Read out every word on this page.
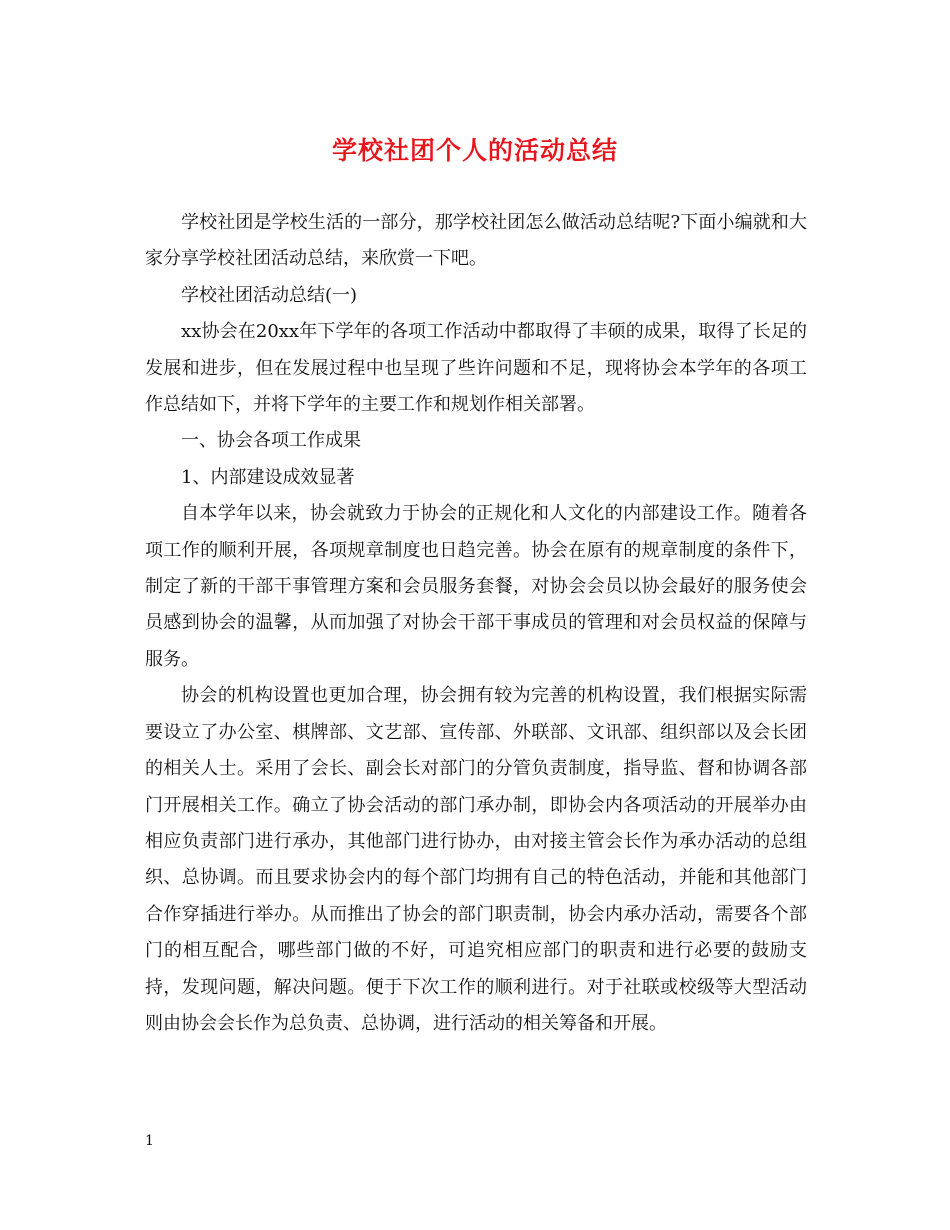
学校社团个人的活动总结

学校社团是学校生活的一部分，那学校社团怎么做活动总结呢?下面小编就和大家分享学校社团活动总结，来欣赏一下吧。

学校社团活动总结(一)

xx协会在20xx年下学年的各项工作活动中都取得了丰硕的成果，取得了长足的发展和进步，但在发展过程中也呈现了些许问题和不足，现将协会本学年的各项工作总结如下，并将下学年的主要工作和规划作相关部署。

一、协会各项工作成果

1、内部建设成效显著

自本学年以来，协会就致力于协会的正规化和人文化的内部建设工作。随着各项工作的顺利开展，各项规章制度也日趋完善。协会在原有的规章制度的条件下，制定了新的干部干事管理方案和会员服务套餐，对协会会员以协会最好的服务使会员感到协会的温馨，从而加强了对协会干部干事成员的管理和对会员权益的保障与服务。

协会的机构设置也更加合理，协会拥有较为完善的机构设置，我们根据实际需要设立了办公室、棋牌部、文艺部、宣传部、外联部、文讯部、组织部以及会长团的相关人士。采用了会长、副会长对部门的分管负责制度，指导监、督和协调各部门开展相关工作。确立了协会活动的部门承办制，即协会内各项活动的开展举办由相应负责部门进行承办，其他部门进行协办，由对接主管会长作为承办活动的总组织、总协调。而且要求协会内的每个部门均拥有自己的特色活动，并能和其他部门合作穿插进行举办。从而推出了协会的部门职责制，协会内承办活动，需要各个部门的相互配合，哪些部门做的不好，可追究相应部门的职责和进行必要的鼓励支持，发现问题，解决问题。便于下次工作的顺利进行。对于社联或校级等大型活动则由协会会长作为总负责、总协调，进行活动的相关筹备和开展。

1
